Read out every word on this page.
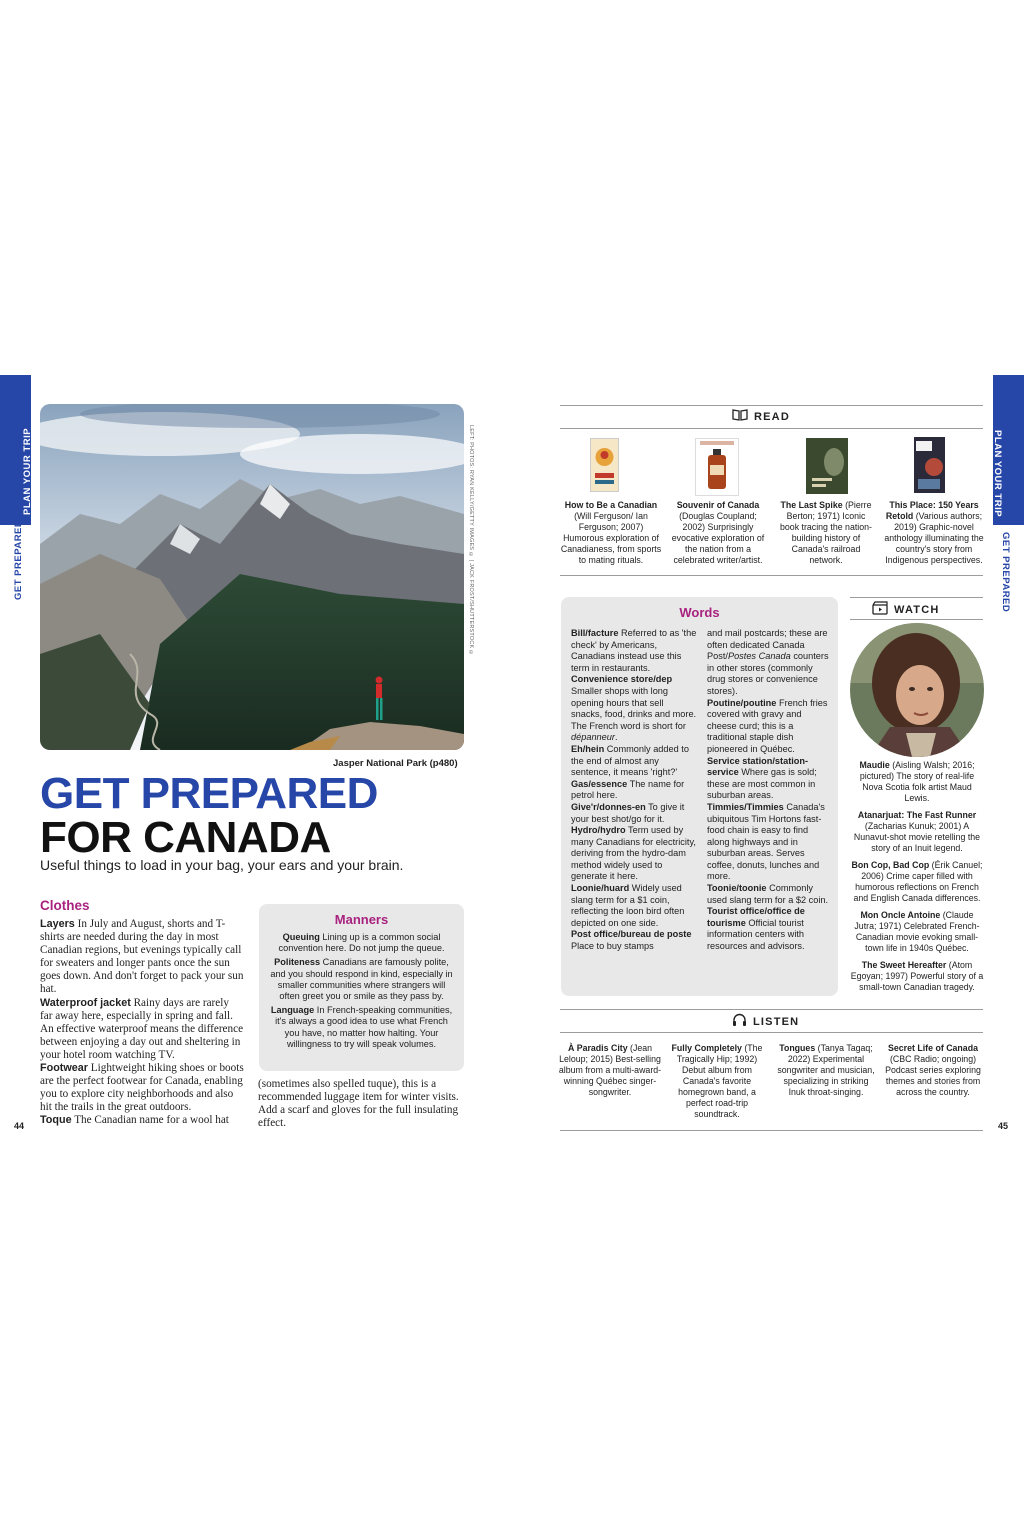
PLAN YOUR TRIP
GET PREPARED
PLAN YOUR TRIP
GET PREPARED
LEFT: PHOTOS: RYAN KELLY/GETTY IMAGES © | JACK FROST/SHUTTERSTOCK ©
Jasper National Park (p480)
GET PREPARED
FOR CANADA
Useful things to load in your bag, your ears and your brain.
Clothes

Layers In July and August, shorts and T-shirts are needed during the day in most Canadian regions, but evenings typically call for sweaters and longer pants once the sun goes down. And don't forget to pack your sun hat.

Waterproof jacket Rainy days are rarely far away here, especially in spring and fall. An effective waterproof means the difference between enjoying a day out and sheltering in your hotel room watching TV.

Footwear Lightweight hiking shoes or boots are the perfect footwear for Canada, enabling you to explore city neighborhoods and also hit the trails in the great outdoors.

Toque The Canadian name for a wool hat

(sometimes also spelled tuque), this is a recommended luggage item for winter visits. Add a scarf and gloves for the full insulating effect.

Manners

Queuing Lining up is a common social convention here. Do not jump the queue.

Politeness Canadians are famously polite, and you should respond in kind, especially in smaller communities where strangers will often greet you or smile as they pass by.

Language In French-speaking communities, it's always a good idea to use what French you have, no matter how halting. Your willingness to try will speak volumes.

44	45
READ
How to Be a Canadian (Will Ferguson/ Ian Ferguson; 2007) Humorous exploration of Canadianess, from sports to mating rituals.
Souvenir of Canada (Douglas Coupland; 2002) Surprisingly evocative exploration of the nation from a celebrated writer/artist.
The Last Spike (Pierre Berton; 1971) Iconic book tracing the nation-building history of Canada's railroad network.
This Place: 150 Years Retold (Various authors; 2019) Graphic-novel anthology illuminating the country's story from Indigenous perspectives.
Words

Bill/facture Referred to as 'the check' by Americans, Canadians instead use this term in restaurants.

Convenience store/dep Smaller shops with long opening hours that sell snacks, food, drinks and more. The French word is short for dépanneur.

Eh/hein Commonly added to the end of almost any sentence, it means 'right?'

Gas/essence The name for petrol here.

Give'r/donnes-en To give it your best shot/go for it.

Hydro/hydro Term used by many Canadians for electricity, deriving from the hydro-dam method widely used to generate it here.

Loonie/huard Widely used slang term for a $1 coin, reflecting the loon bird often depicted on one side.

Post office/bureau de poste Place to buy stamps

and mail postcards; these are often dedicated Canada Post/Postes Canada counters in other stores (commonly drug stores or convenience stores).

Poutine/poutine French fries covered with gravy and cheese curd; this is a traditional staple dish pioneered in Québec.

Service station/station-service Where gas is sold; these are most common in suburban areas.

Timmies/Timmies Canada's ubiquitous Tim Hortons fast-food chain is easy to find along highways and in suburban areas. Serves coffee, donuts, lunches and more.

Toonie/toonie Commonly used slang term for a $2 coin.

Tourist office/office de tourisme Official tourist information centers with resources and advisors.

WATCH

Maudie (Aisling Walsh; 2016; pictured) The story of real-life Nova Scotia folk artist Maud Lewis.

Atanarjuat: The Fast Runner (Zacharias Kunuk; 2001) A Nunavut-shot movie retelling the story of an Inuit legend.

Bon Cop, Bad Cop (Érik Canuel; 2006) Crime caper filled with humorous reflections on French and English Canada differences.

Mon Oncle Antoine (Claude Jutra; 1971) Celebrated French-Canadian movie evoking small-town life in 1940s Québec.

The Sweet Hereafter (Atom Egoyan; 1997) Powerful story of a small-town Canadian tragedy.

LISTEN
À Paradis City (Jean Leloup; 2015) Best-selling album from a multi-award-winning Québec singer-songwriter.
Fully Completely (The Tragically Hip; 1992) Debut album from Canada's favorite homegrown band, a perfect road-trip soundtrack.
Tongues (Tanya Tagaq; 2022) Experimental songwriter and musician, specializing in striking Inuk throat-singing.
Secret Life of Canada (CBC Radio; ongoing) Podcast series exploring themes and stories from across the country.
